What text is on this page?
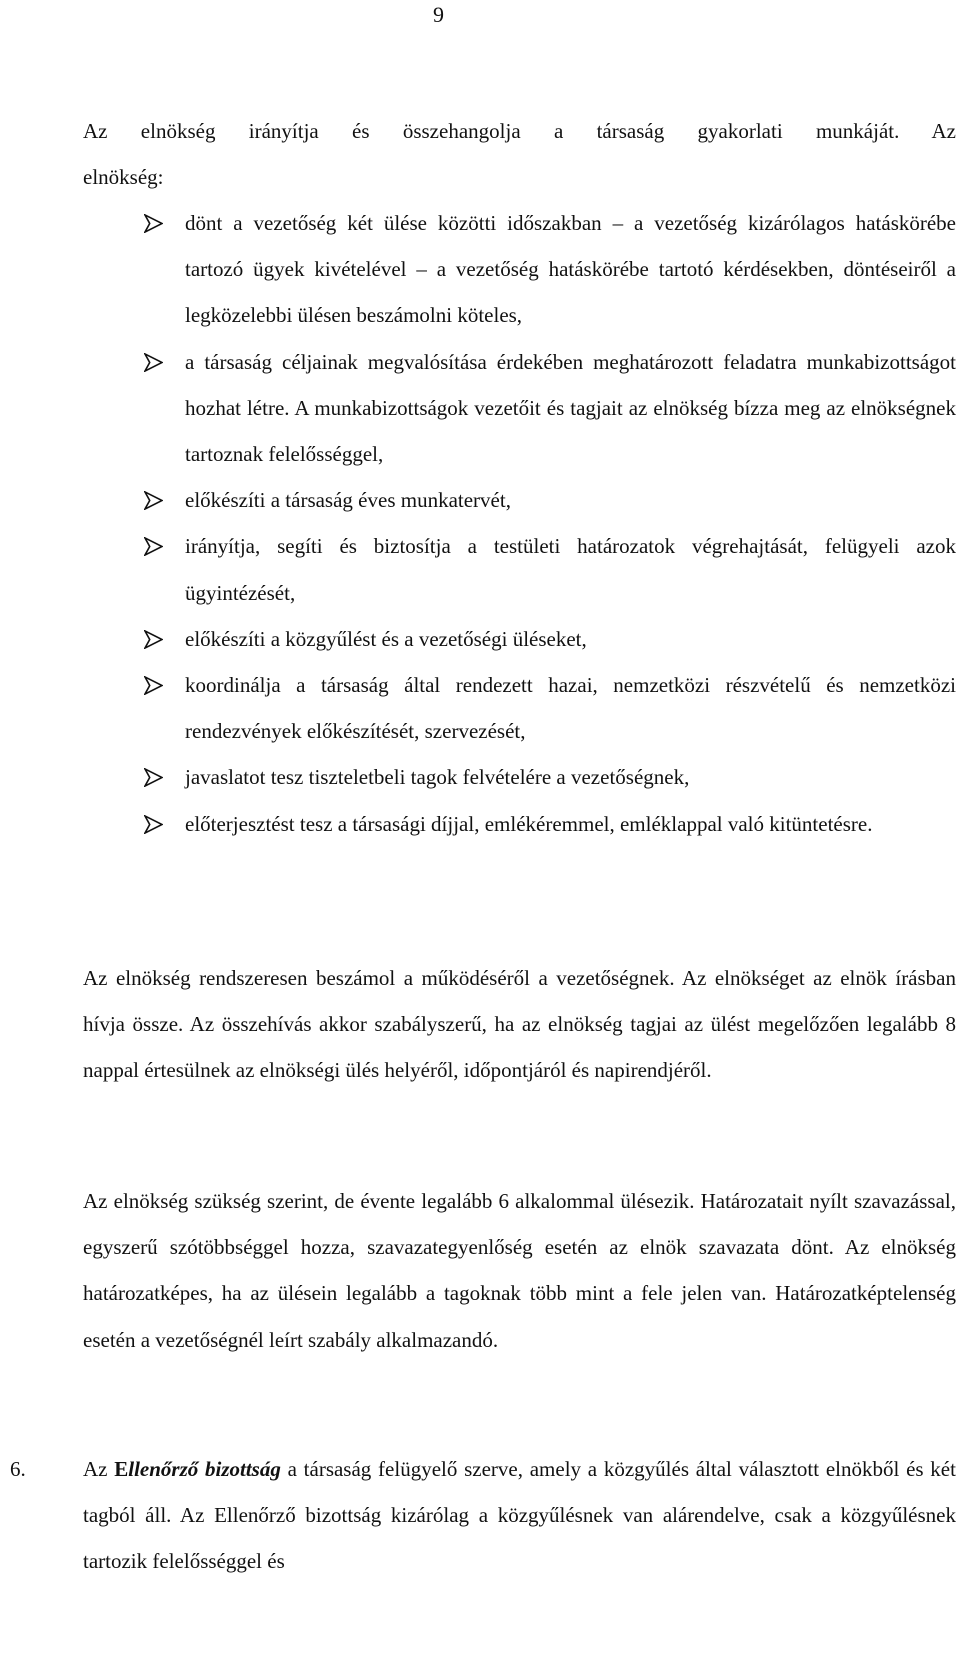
9

Az elnökség irányítja és összehangolja a társaság gyakorlati munkáját. Az
elnökség:

dönt a vezetőség két ülése közötti időszakban – a vezetőség kizárólagos hatáskörébe tartozó ügyek kivételével – a vezetőség hatáskörébe tartotó kérdésekben, döntéseiről a legközelebbi ülésen beszámolni köteles,
a társaság céljainak megvalósítása érdekében meghatározott feladatra munkabizottságot hozhat létre. A munkabizottságok vezetőit és tagjait az elnökség bízza meg az elnökségnek tartoznak felelősséggel,
előkészíti a társaság éves munkatervét,
irányítja, segíti és biztosítja a testületi határozatok végrehajtását, felügyeli azok ügyintézését,
előkészíti a közgyűlést és a vezetőségi üléseket,
koordinálja a társaság által rendezett hazai, nemzetközi részvételű és nemzetközi rendezvények előkészítését, szervezését,
javaslatot tesz tiszteletbeli tagok felvételére a vezetőségnek,
előterjesztést tesz a társasági díjjal, emlékéremmel, emléklappal való kitüntetésre.

Az elnökség rendszeresen beszámol a működéséről a vezetőségnek. Az elnökséget az elnök írásban hívja össze. Az összehívás akkor szabályszerű, ha az elnökség tagjai az ülést megelőzően legalább 8 nappal értesülnek az elnökségi ülés helyéről, időpontjáról és napirendjéről.

Az elnökség szükség szerint, de évente legalább 6 alkalommal ülésezik. Határozatait nyílt szavazással, egyszerű szótöbbséggel hozza, szavazategyenlőség esetén az elnök szavazata dönt. Az elnökség határozatképes, ha az ülésein legalább a tagoknak több mint a fele jelen van. Határozatképtelenség esetén a vezetőségnél leírt szabály alkalmazandó.

6.	Az Ellenőrző bizottság a társaság felügyelő szerve, amely a közgyűlés által választott elnökből és két tagból áll. Az Ellenőrző bizottság kizárólag a közgyűlésnek van alárendelve, csak a közgyűlésnek tartozik felelősséggel és
